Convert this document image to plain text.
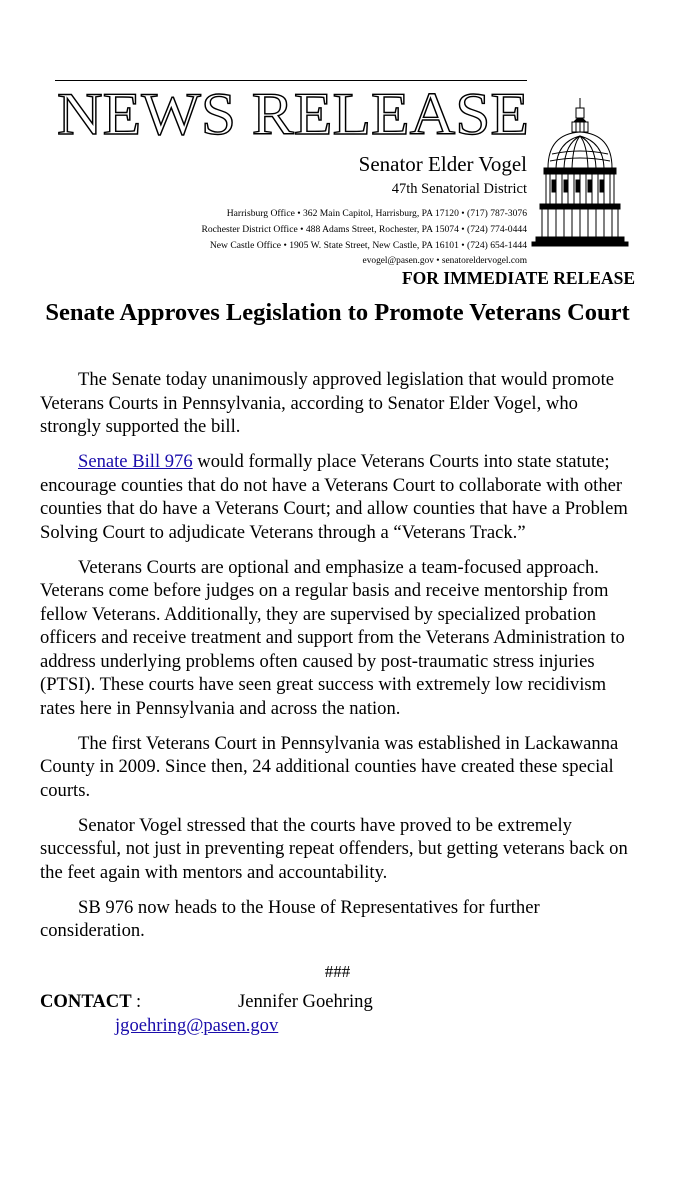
NEWS RELEASE
Senator Elder Vogel
47th Senatorial District
Harrisburg Office • 362 Main Capitol, Harrisburg, PA 17120 • (717) 787-3076
Rochester District Office • 488 Adams Street, Rochester, PA 15074 • (724) 774-0444
New Castle Office • 1905 W. State Street, New Castle, PA 16101 • (724) 654-1444
evogel@pasen.gov • senatoreldervogel.com
FOR IMMEDIATE RELEASE
Senate Approves Legislation to Promote Veterans Court

The Senate today unanimously approved legislation that would promote Veterans Courts in Pennsylvania, according to Senator Elder Vogel, who strongly supported the bill.

Senate Bill 976 would formally place Veterans Courts into state statute; encourage counties that do not have a Veterans Court to collaborate with other counties that do have a Veterans Court; and allow counties that have a Problem Solving Court to adjudicate Veterans through a “Veterans Track.”

Veterans Courts are optional and emphasize a team-focused approach. Veterans come before judges on a regular basis and receive mentorship from fellow Veterans. Additionally, they are supervised by specialized probation officers and receive treatment and support from the Veterans Administration to address underlying problems often caused by post-traumatic stress injuries (PTSI). These courts have seen great success with extremely low recidivism rates here in Pennsylvania and across the nation.

The first Veterans Court in Pennsylvania was established in Lackawanna County in 2009. Since then, 24 additional counties have created these special courts.

Senator Vogel stressed that the courts have proved to be extremely successful, not just in preventing repeat offenders, but getting veterans back on the feet again with mentors and accountability.

SB 976 now heads to the House of Representatives for further consideration.

###
CONTACT :	Jennifer Goehring
jgoehring@pasen.gov
